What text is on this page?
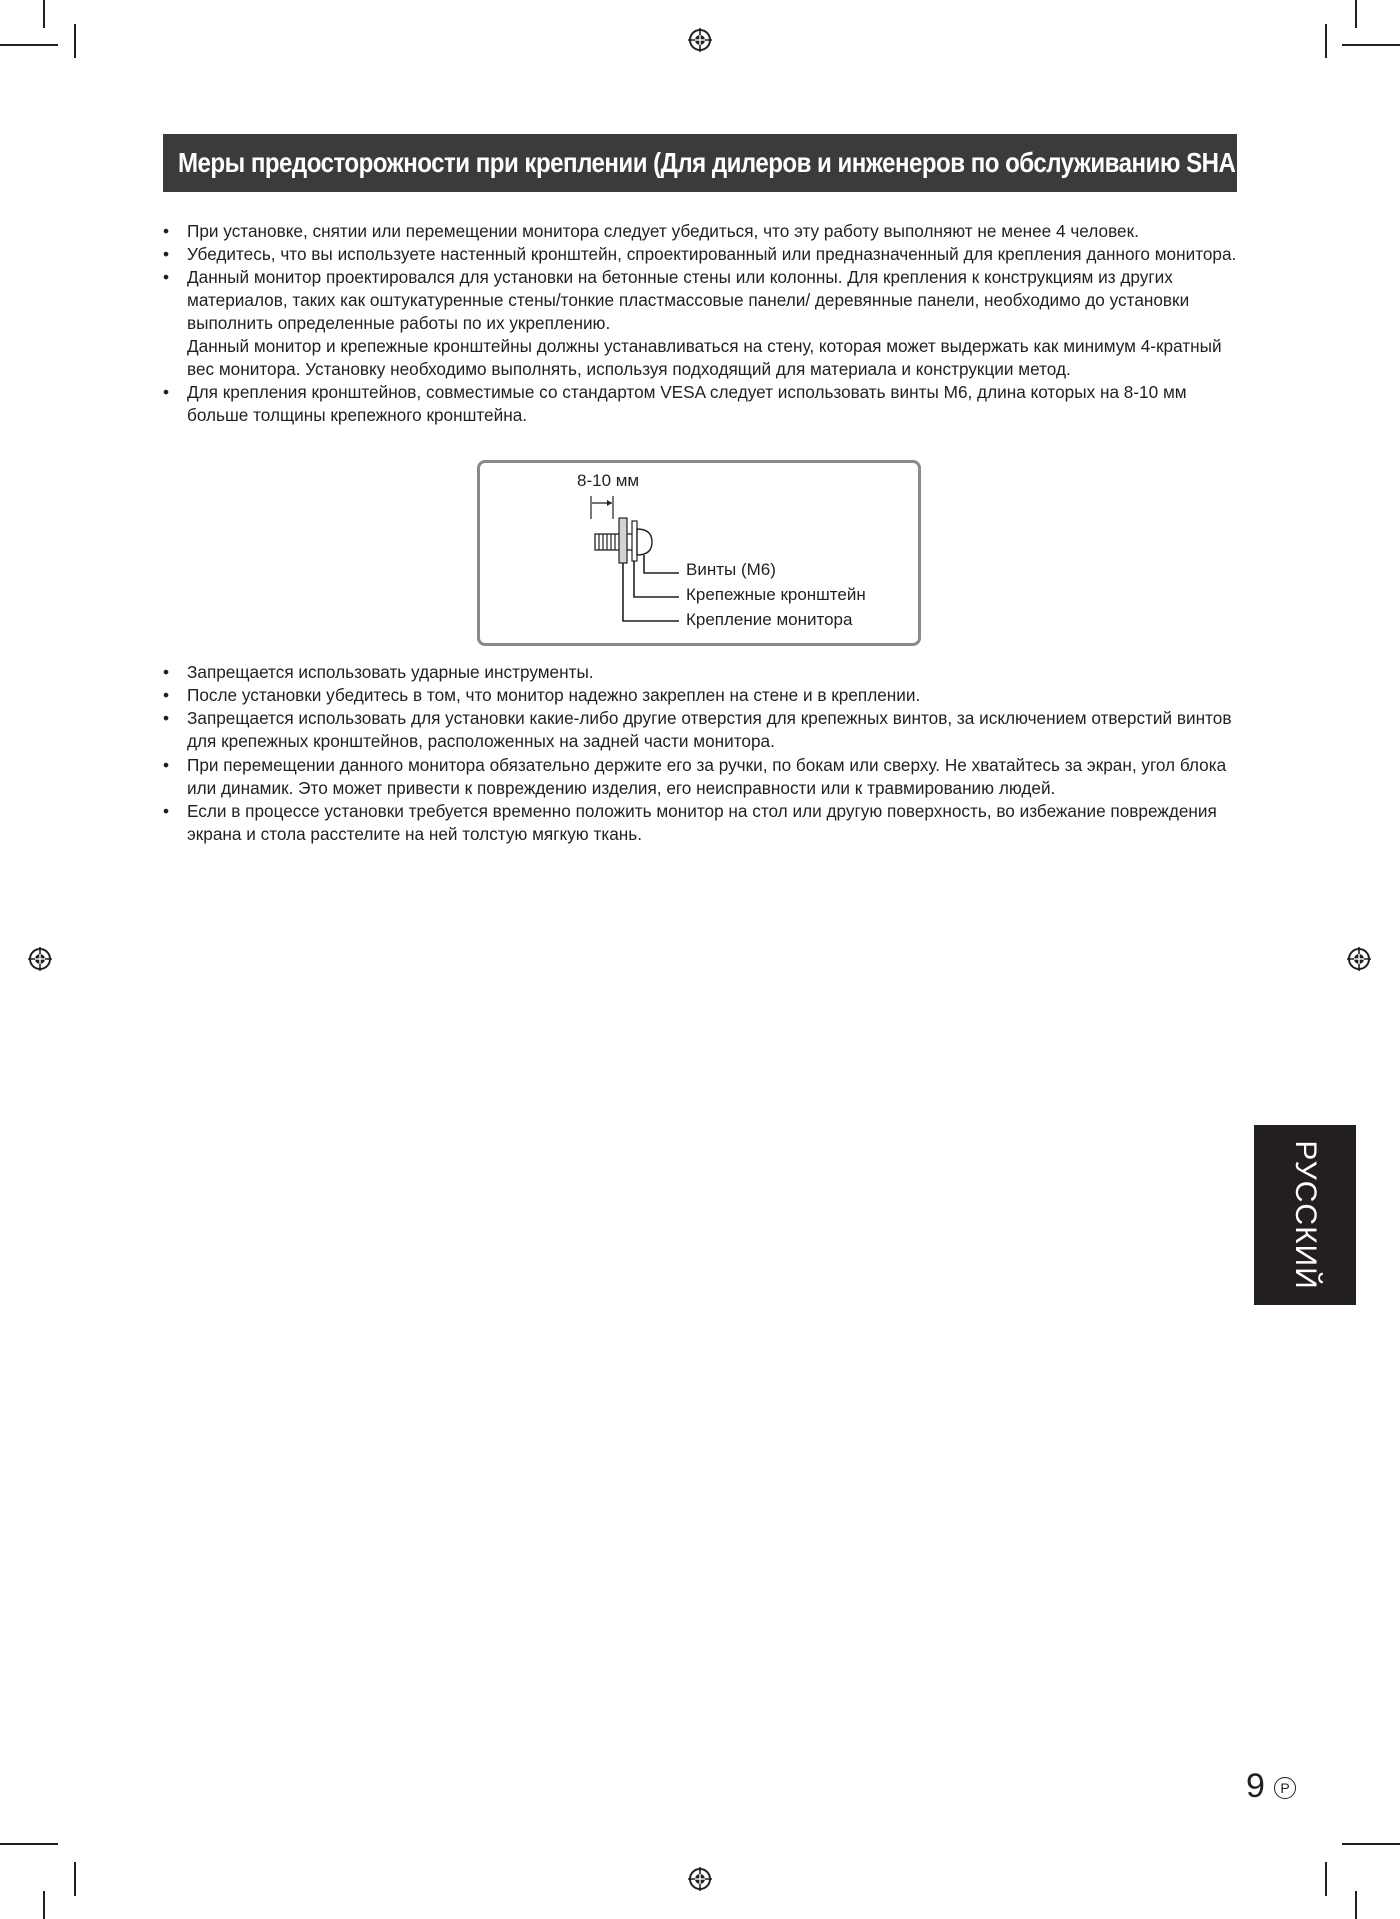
Меры предосторожности при креплении (Для дилеров и инженеров по обслуживанию SHARP)
• При установке, снятии или перемещении монитора следует убедиться, что эту работу выполняют не менее 4 человек.
• Убедитесь, что вы используете настенный кронштейн, спроектированный или предназначенный для крепления данного монитора.
• Данный монитор проектировался для установки на бетонные стены или колонны. Для крепления к конструкциям из других материалов, таких как оштукатуренные стены/тонкие пластмассовые панели/ деревянные панели, необходимо до установки выполнить определенные работы по их укреплению.
Данный монитор и крепежные кронштейны должны устанавливаться на стену, которая может выдержать как минимум 4-кратный вес монитора. Установку необходимо выполнять, используя подходящий для материала и конструкции метод.
• Для крепления кронштейнов, совместимые со стандартом VESA следует использовать винты M6, длина которых на 8-10 мм больше толщины крепежного кронштейна.
8-10 мм
Винты (M6)
Крепежные кронштейн
Крепление монитора
• Запрещается использовать ударные инструменты.
• После установки убедитесь в том, что монитор надежно закреплен на стене и в креплении.
• Запрещается использовать для установки какие-либо другие отверстия для крепежных винтов, за исключением отверстий винтов для крепежных кронштейнов, расположенных на задней части монитора.
• При перемещении данного монитора обязательно держите его за ручки, по бокам или сверху. Не хватайтесь за экран, угол блока или динамик. Это может привести к повреждению изделия, его неисправности или к травмированию людей.
• Если в процессе установки требуется временно положить монитор на стол или другую поверхность, во избежание повреждения экрана и стола расстелите на ней толстую мягкую ткань.
РУССКИЙ
9	P
